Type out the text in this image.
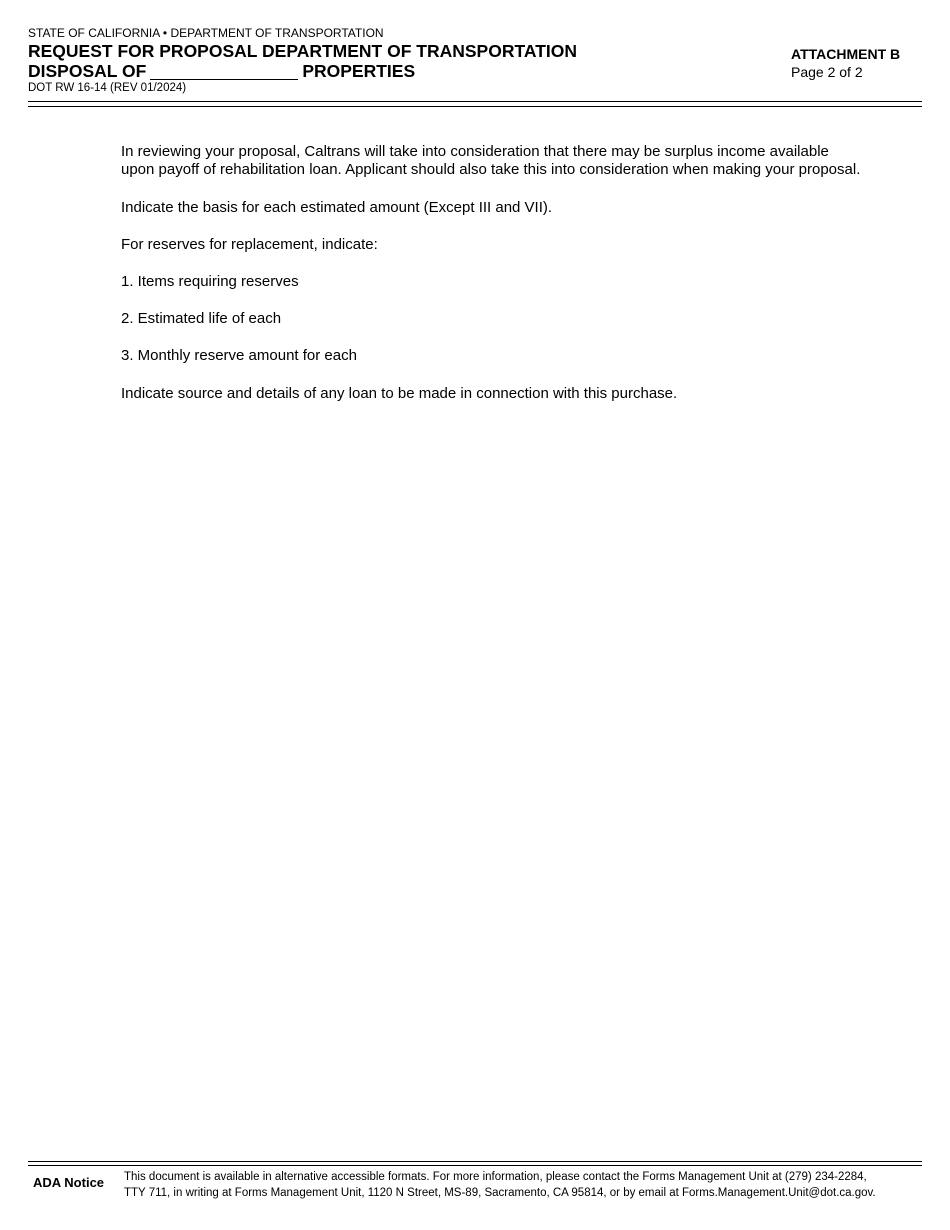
STATE OF CALIFORNIA • DEPARTMENT OF TRANSPORTATION
REQUEST FOR PROPOSAL DEPARTMENT OF TRANSPORTATION
DISPOSAL OF	PROPERTIES
DOT RW 16-14 (REV 01/2024)
ATTACHMENT B
Page 2 of 2
In reviewing your proposal, Caltrans will take into consideration that there may be surplus income available
upon payoff of rehabilitation loan. Applicant should also take this into consideration when making your proposal.
Indicate the basis for each estimated amount (Except III and VII).
For reserves for replacement, indicate:
1. Items requiring reserves
2. Estimated life of each
3. Monthly reserve amount for each
Indicate source and details of any loan to be made in connection with this purchase.
ADA Notice This document is available in alternative accessible formats. For more information, please contact the Forms Management Unit at (279) 234-2284,
TTY 711, in writing at Forms Management Unit, 1120 N Street, MS-89, Sacramento, CA 95814, or by email at Forms.Management.Unit@dot.ca.gov.
